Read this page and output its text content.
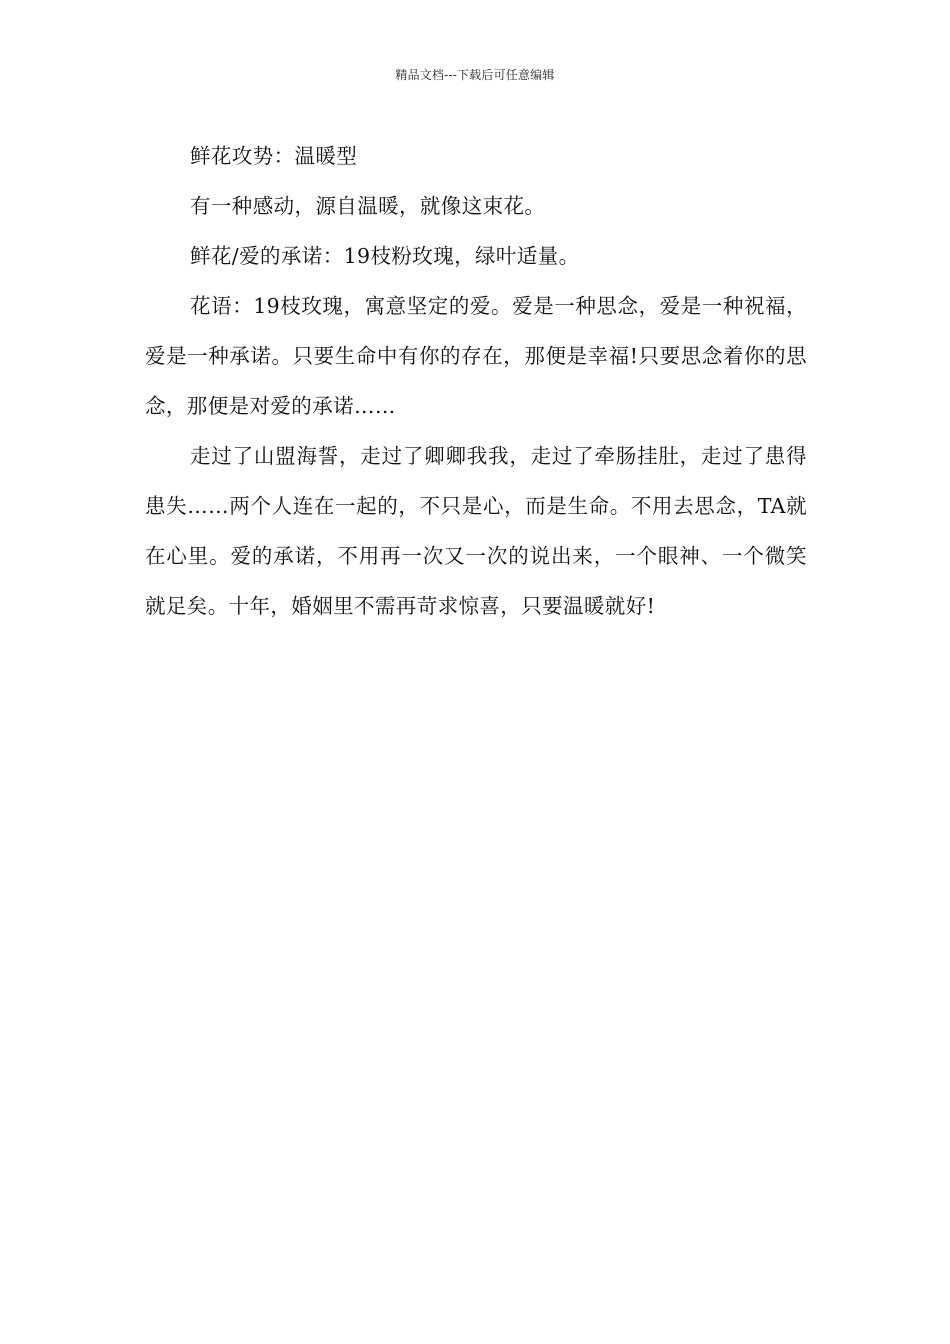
精品文档---下载后可任意编辑

鲜花攻势：温暖型

有一种感动，源自温暖，就像这束花。

鲜花/爱的承诺：19枝粉玫瑰，绿叶适量。

花语：19枝玫瑰，寓意坚定的爱。爱是一种思念，爱是一种祝福，爱是一种承诺。只要生命中有你的存在，那便是幸福!只要思念着你的思念，那便是对爱的承诺……

走过了山盟海誓，走过了卿卿我我，走过了牵肠挂肚，走过了患得患失……两个人连在一起的，不只是心，而是生命。不用去思念，TA就在心里。爱的承诺，不用再一次又一次的说出来，一个眼神、一个微笑就足矣。十年，婚姻里不需再苛求惊喜，只要温暖就好!
